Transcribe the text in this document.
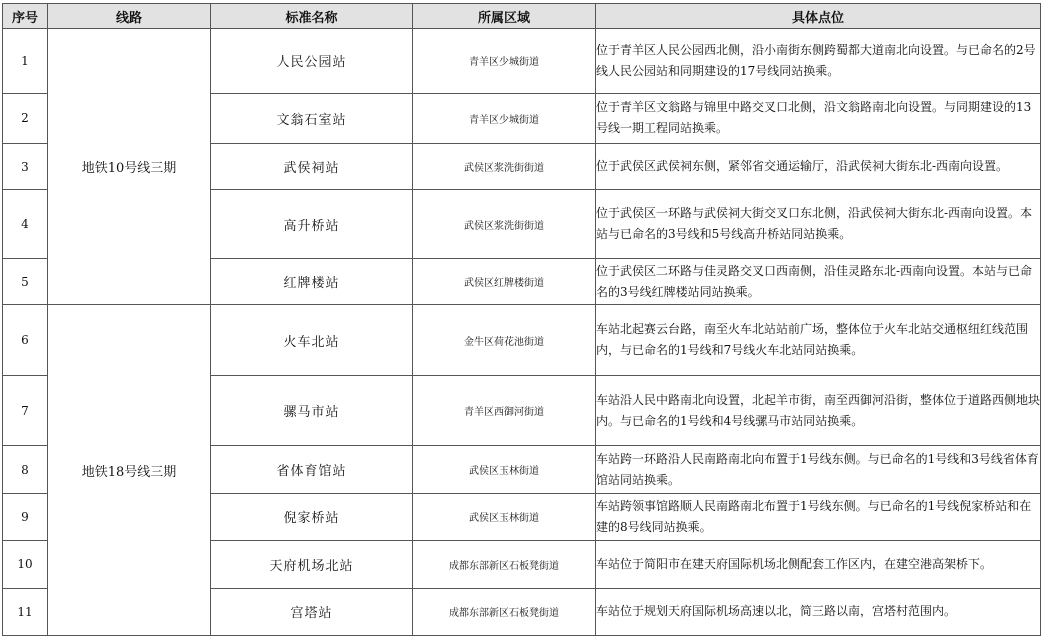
序号	线路	标准名称	所属区域	具体点位
1	地铁10号线三期	人民公园站	青羊区少城街道	位于青羊区人民公园西北侧，沿小南街东侧跨蜀都大道南北向设置。与已命名的2号线人民公园站和同期建设的17号线同站换乘。
2		文翁石室站	青羊区少城街道	位于青羊区文翁路与锦里中路交叉口北侧，沿文翁路南北向设置。与同期建设的13号线一期工程同站换乘。
3		武侯祠站	武侯区浆洗街街道	位于武侯区武侯祠东侧，紧邻省交通运输厅，沿武侯祠大街东北-西南向设置。
4		高升桥站	武侯区浆洗街街道	位于武侯区一环路与武侯祠大街交叉口东北侧，沿武侯祠大街东北-西南向设置。本站与已命名的3号线和5号线高升桥站同站换乘。
5		红牌楼站	武侯区红牌楼街道	位于武侯区二环路与佳灵路交叉口西南侧，沿佳灵路东北-西南向设置。本站与已命名的3号线红牌楼站同站换乘。
6	地铁18号线三期	火车北站	金牛区荷花池街道	车站北起赛云台路，南至火车北站站前广场，整体位于火车北站交通枢纽红线范围内，与已命名的1号线和7号线火车北站同站换乘。
7		骡马市站	青羊区西御河街道	车站沿人民中路南北向设置，北起羊市街，南至西御河沿街，整体位于道路西侧地块内。与已命名的1号线和4号线骡马市站同站换乘。
8		省体育馆站	武侯区玉林街道	车站跨一环路沿人民南路南北向布置于1号线东侧。与已命名的1号线和3号线省体育馆站同站换乘。
9		倪家桥站	武侯区玉林街道	车站跨领事馆路顺人民南路南北布置于1号线东侧。与已命名的1号线倪家桥站和在建的8号线同站换乘。
10		天府机场北站	成都东部新区石板凳街道	车站位于简阳市在建天府国际机场北侧配套工作区内，在建空港高架桥下。
11		宫塔站	成都东部新区石板凳街道	车站位于规划天府国际机场高速以北，简三路以南，宫塔村范围内。
